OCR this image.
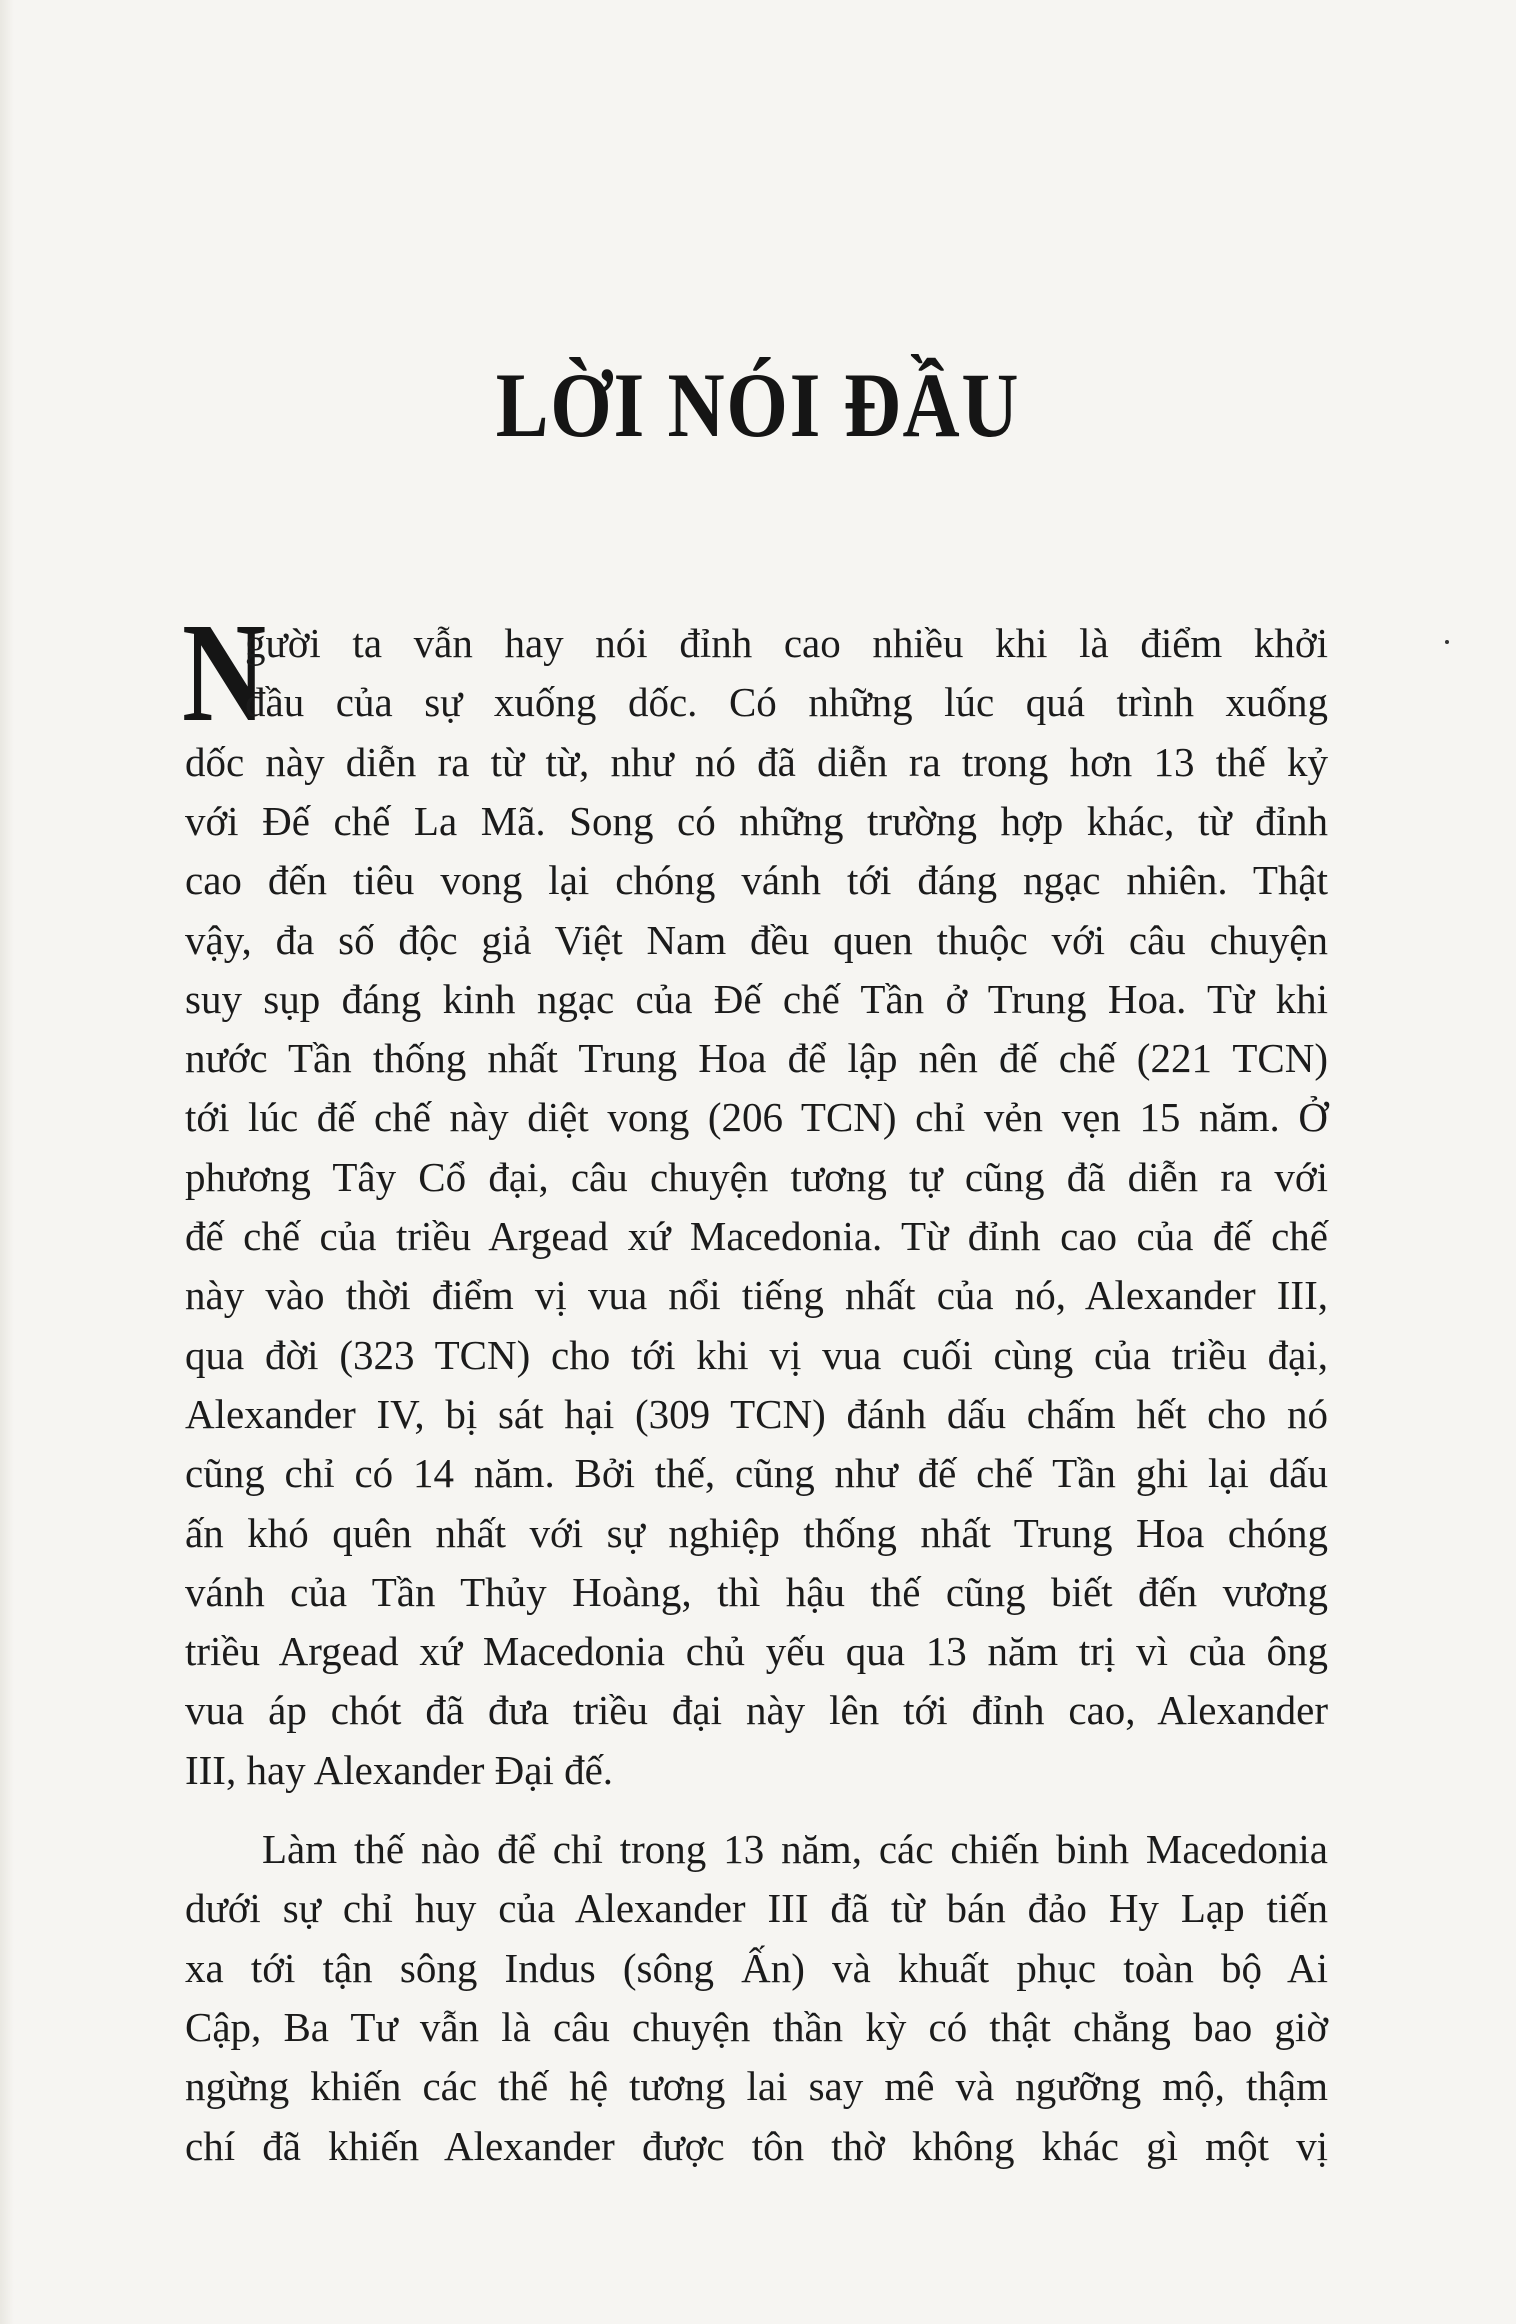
LỜI NÓI ĐẦU
N
gười ta vẫn hay nói đỉnh cao nhiều khi là điểm khởi
đầu của sự xuống dốc. Có những lúc quá trình xuống
dốc này diễn ra từ từ, như nó đã diễn ra trong hơn 13 thế kỷ
với Đế chế La Mã. Song có những trường hợp khác, từ đỉnh
cao đến tiêu vong lại chóng vánh tới đáng ngạc nhiên. Thật
vậy, đa số độc giả Việt Nam đều quen thuộc với câu chuyện
suy sụp đáng kinh ngạc của Đế chế Tần ở Trung Hoa. Từ khi
nước Tần thống nhất Trung Hoa để lập nên đế chế (221 TCN)
tới lúc đế chế này diệt vong (206 TCN) chỉ vẻn vẹn 15 năm. Ở
phương Tây Cổ đại, câu chuyện tương tự cũng đã diễn ra với
đế chế của triều Argead xứ Macedonia. Từ đỉnh cao của đế chế
này vào thời điểm vị vua nổi tiếng nhất của nó, Alexander III,
qua đời (323 TCN) cho tới khi vị vua cuối cùng của triều đại,
Alexander IV, bị sát hại (309 TCN) đánh dấu chấm hết cho nó
cũng chỉ có 14 năm. Bởi thế, cũng như đế chế Tần ghi lại dấu
ấn khó quên nhất với sự nghiệp thống nhất Trung Hoa chóng
vánh của Tần Thủy Hoàng, thì hậu thế cũng biết đến vương
triều Argead xứ Macedonia chủ yếu qua 13 năm trị vì của ông
vua áp chót đã đưa triều đại này lên tới đỉnh cao, Alexander
III, hay Alexander Đại đế.
Làm thế nào để chỉ trong 13 năm, các chiến binh Macedonia
dưới sự chỉ huy của Alexander III đã từ bán đảo Hy Lạp tiến
xa tới tận sông Indus (sông Ấn) và khuất phục toàn bộ Ai
Cập, Ba Tư vẫn là câu chuyện thần kỳ có thật chẳng bao giờ
ngừng khiến các thế hệ tương lai say mê và ngưỡng mộ, thậm
chí đã khiến Alexander được tôn thờ không khác gì một vị
